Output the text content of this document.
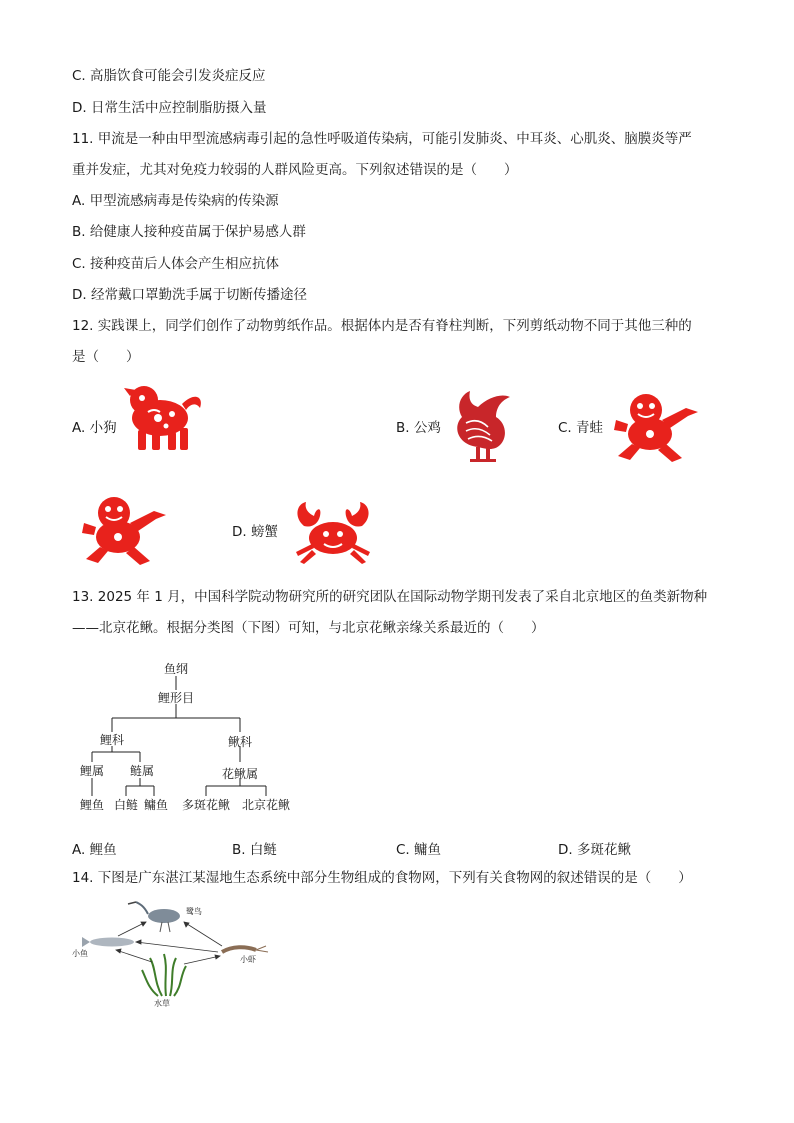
C. 高脂饮食可能会引发炎症反应
D. 日常生活中应控制脂肪摄入量
11. 甲流是一种由甲型流感病毒引起的急性呼吸道传染病，可能引发肺炎、中耳炎、心肌炎、脑膜炎等严
重并发症，尤其对免疫力较弱的人群风险更高。下列叙述错误的是（　　）
A. 甲型流感病毒是传染病的传染源
B. 给健康人接种疫苗属于保护易感人群
C. 接种疫苗后人体会产生相应抗体
D. 经常戴口罩勤洗手属于切断传播途径
12. 实践课上，同学们创作了动物剪纸作品。根据体内是否有脊柱判断，下列剪纸动物不同于其他三种的
是（　　）
A. 小狗	B. 公鸡	C. 青蛙
D. 螃蟹
13. 2025 年 1 月，中国科学院动物研究所的研究团队在国际动物学期刊发表了采自北京地区的鱼类新物种
——北京花鳅。根据分类图（下图）可知，与北京花鳅亲缘关系最近的（　　）
鱼纲
鲤形目
鲤科	鳅科
鲤属 鲢属	花鳅属
鲤鱼 白鲢 鳙鱼 多斑花鳅 北京花鳅
A. 鲤鱼	B. 白鲢	C. 鳙鱼	D. 多斑花鳅
14. 下图是广东湛江某湿地生态系统中部分生物组成的食物网，下列有关食物网的叙述错误的是（　　）
鹭鸟
小鱼
小虾
水草
